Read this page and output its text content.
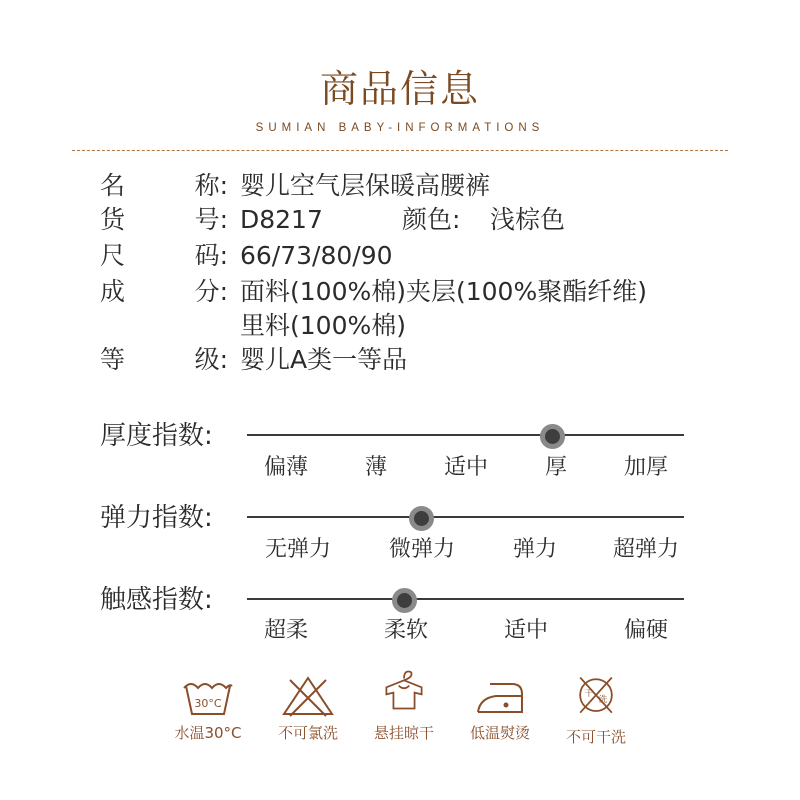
商品信息
SUMIAN BABY-INFORMATIONS
名	称: 婴儿空气层保暖高腰裤
货	号: D8217	颜色: 浅棕色
尺	码: 66/73/80/90
成	分: 面料(100%棉)夹层(100%聚酯纤维)
里料(100%棉)
等	级: 婴儿A类一等品
厚度指数:
偏薄	薄	适中	厚	加厚
弹力指数:
无弹力	微弹力	弹力	超弹力
触感指数:
超柔	柔软	适中	偏硬
30°C
水温30°C 不可氯洗 悬挂晾干 低温熨烫
干
洗
不可干洗
